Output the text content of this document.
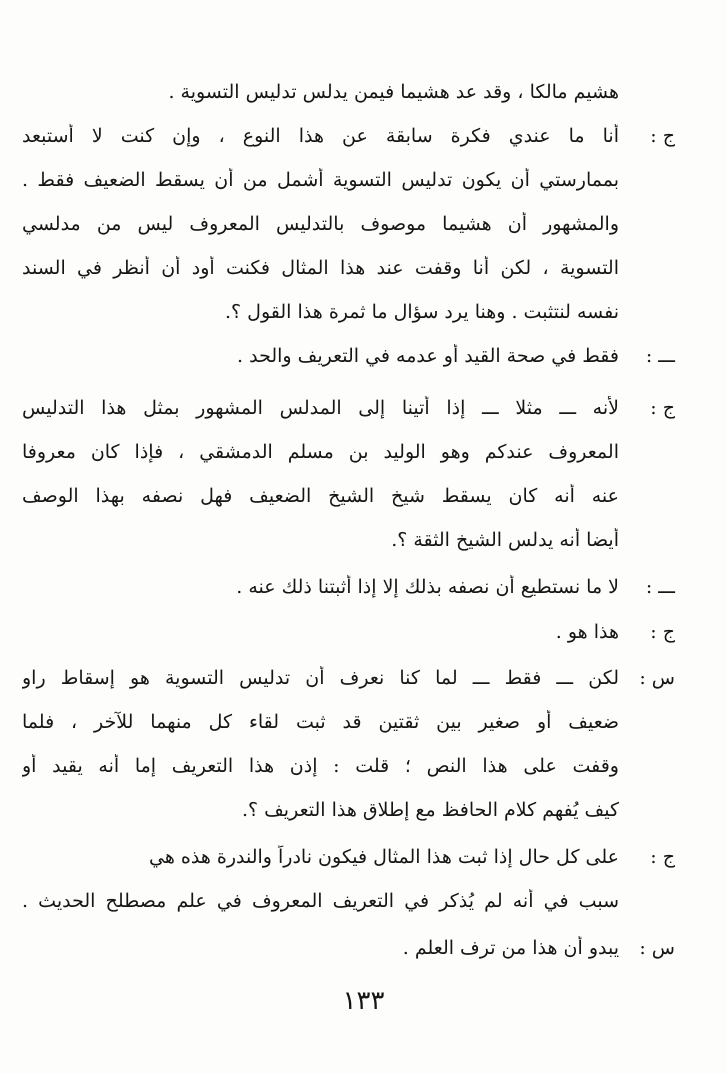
هشيم مالكا ، وقد عد هشيما فيمن يدلس تدليس التسوية .
ج :
أنا ما عندي فكرة سابقة عن هذا النوع ، وإن كنت لا أستبعد
بممارستي أن يكون تدليس التسوية أشمل من أن يسقط الضعيف فقط .
والمشهور أن هشيما موصوف بالتدليس المعروف ليس من مدلسي
التسوية ، لكن أنا وقفت عند هذا المثال فكنت أود أن أنظر في السند
نفسه لنتثبت . وهنا يرد سؤال ما ثمرة هذا القول ؟.
ـــ :
فقط في صحة القيد أو عدمه في التعريف والحد .
ج :
لأنه ـــ مثلا ـــ إذا أتينا إلى المدلس المشهور بمثل هذا التدليس
المعروف عندكم وهو الوليد بن مسلم الدمشقي ، فإذا كان معروفا
عنه أنه كان يسقط شيخ الشيخ الضعيف فهل نصفه بهذا الوصف
أيضا أنه يدلس الشيخ الثقة ؟.
ـــ :
لا ما نستطيع أن نصفه بذلك إلا إذا أثبتنا ذلك عنه .
ج :
هذا هو .
س :
لكن ـــ فقط ـــ لما كنا نعرف أن تدليس التسوية هو إسقاط راو
ضعيف أو صغير بين ثقتين قد ثبت لقاء كل منهما للآخر ، فلما
وقفت على هذا النص ؛ قلت : إذن هذا التعريف إما أنه يقيد أو
كيف يُفهم كلام الحافظ مع إطلاق هذا التعريف ؟.
ج :
على كل حال إذا ثبت هذا المثال فيكون نادراً والندرة هذه هي
سبب في أنه لم يُذكر في التعريف المعروف في علم مصطلح الحديث .
س :
يبدو أن هذا من ترف العلم .
١٣٣
